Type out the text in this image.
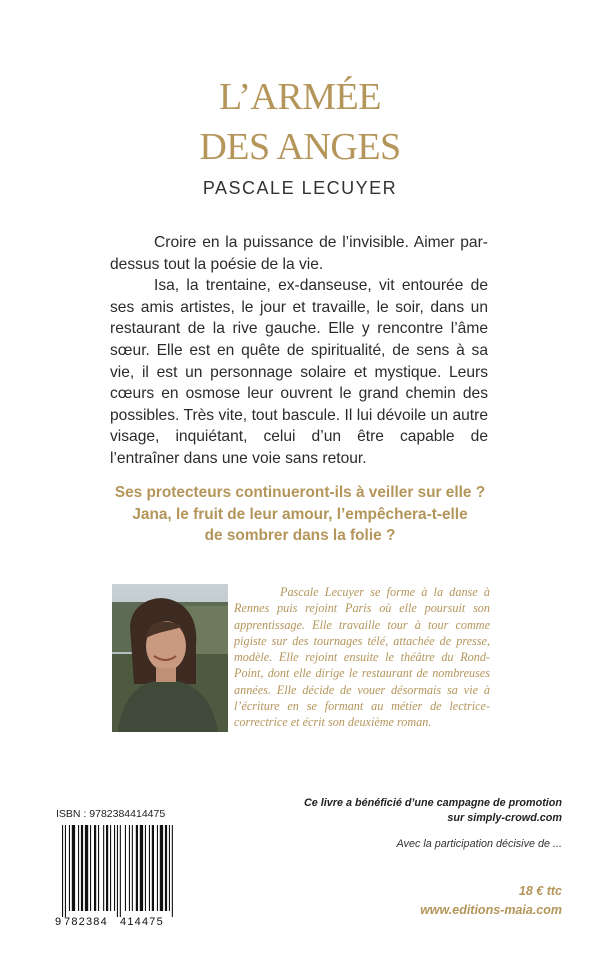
L’ARMÉE
DES ANGES
PASCALE LECUYER

Croire en la puissance de l’invisible. Aimer par-dessus tout la poésie de la vie.

Isa, la trentaine, ex-danseuse, vit entourée de ses amis artistes, le jour et travaille, le soir, dans un restaurant de la rive gauche. Elle y rencontre l’âme sœur. Elle est en quête de spiritualité, de sens à sa vie, il est un personnage solaire et mystique. Leurs cœurs en osmose leur ouvrent le grand chemin des possibles. Très vite, tout bascule. Il lui dévoile un autre visage, inquiétant, celui d’un être capable de l’entraîner dans une voie sans retour.

Ses protecteurs continueront-ils à veiller sur elle ?
Jana, le fruit de leur amour, l’empêchera-t-elle
de sombrer dans la folie ?
Pascale Lecuyer se forme à la danse à Rennes puis rejoint Paris où elle poursuit son apprentissage. Elle travaille tour à tour comme pigiste sur des tournages télé, attachée de presse, modèle. Elle rejoint ensuite le théâtre du Rond-Point, dont elle dirige le restaurant de nombreuses années. Elle décide de vouer désormais sa vie à l’écriture en se formant au métier de lectrice-correctrice et écrit son deuxième roman.
ISBN : 9782384414475
9 782384 414475
Ce livre a bénéficié d’une campagne de promotion
sur simply-crowd.com
Avec la participation décisive de ...
18 € ttc
www.editions-maia.com
